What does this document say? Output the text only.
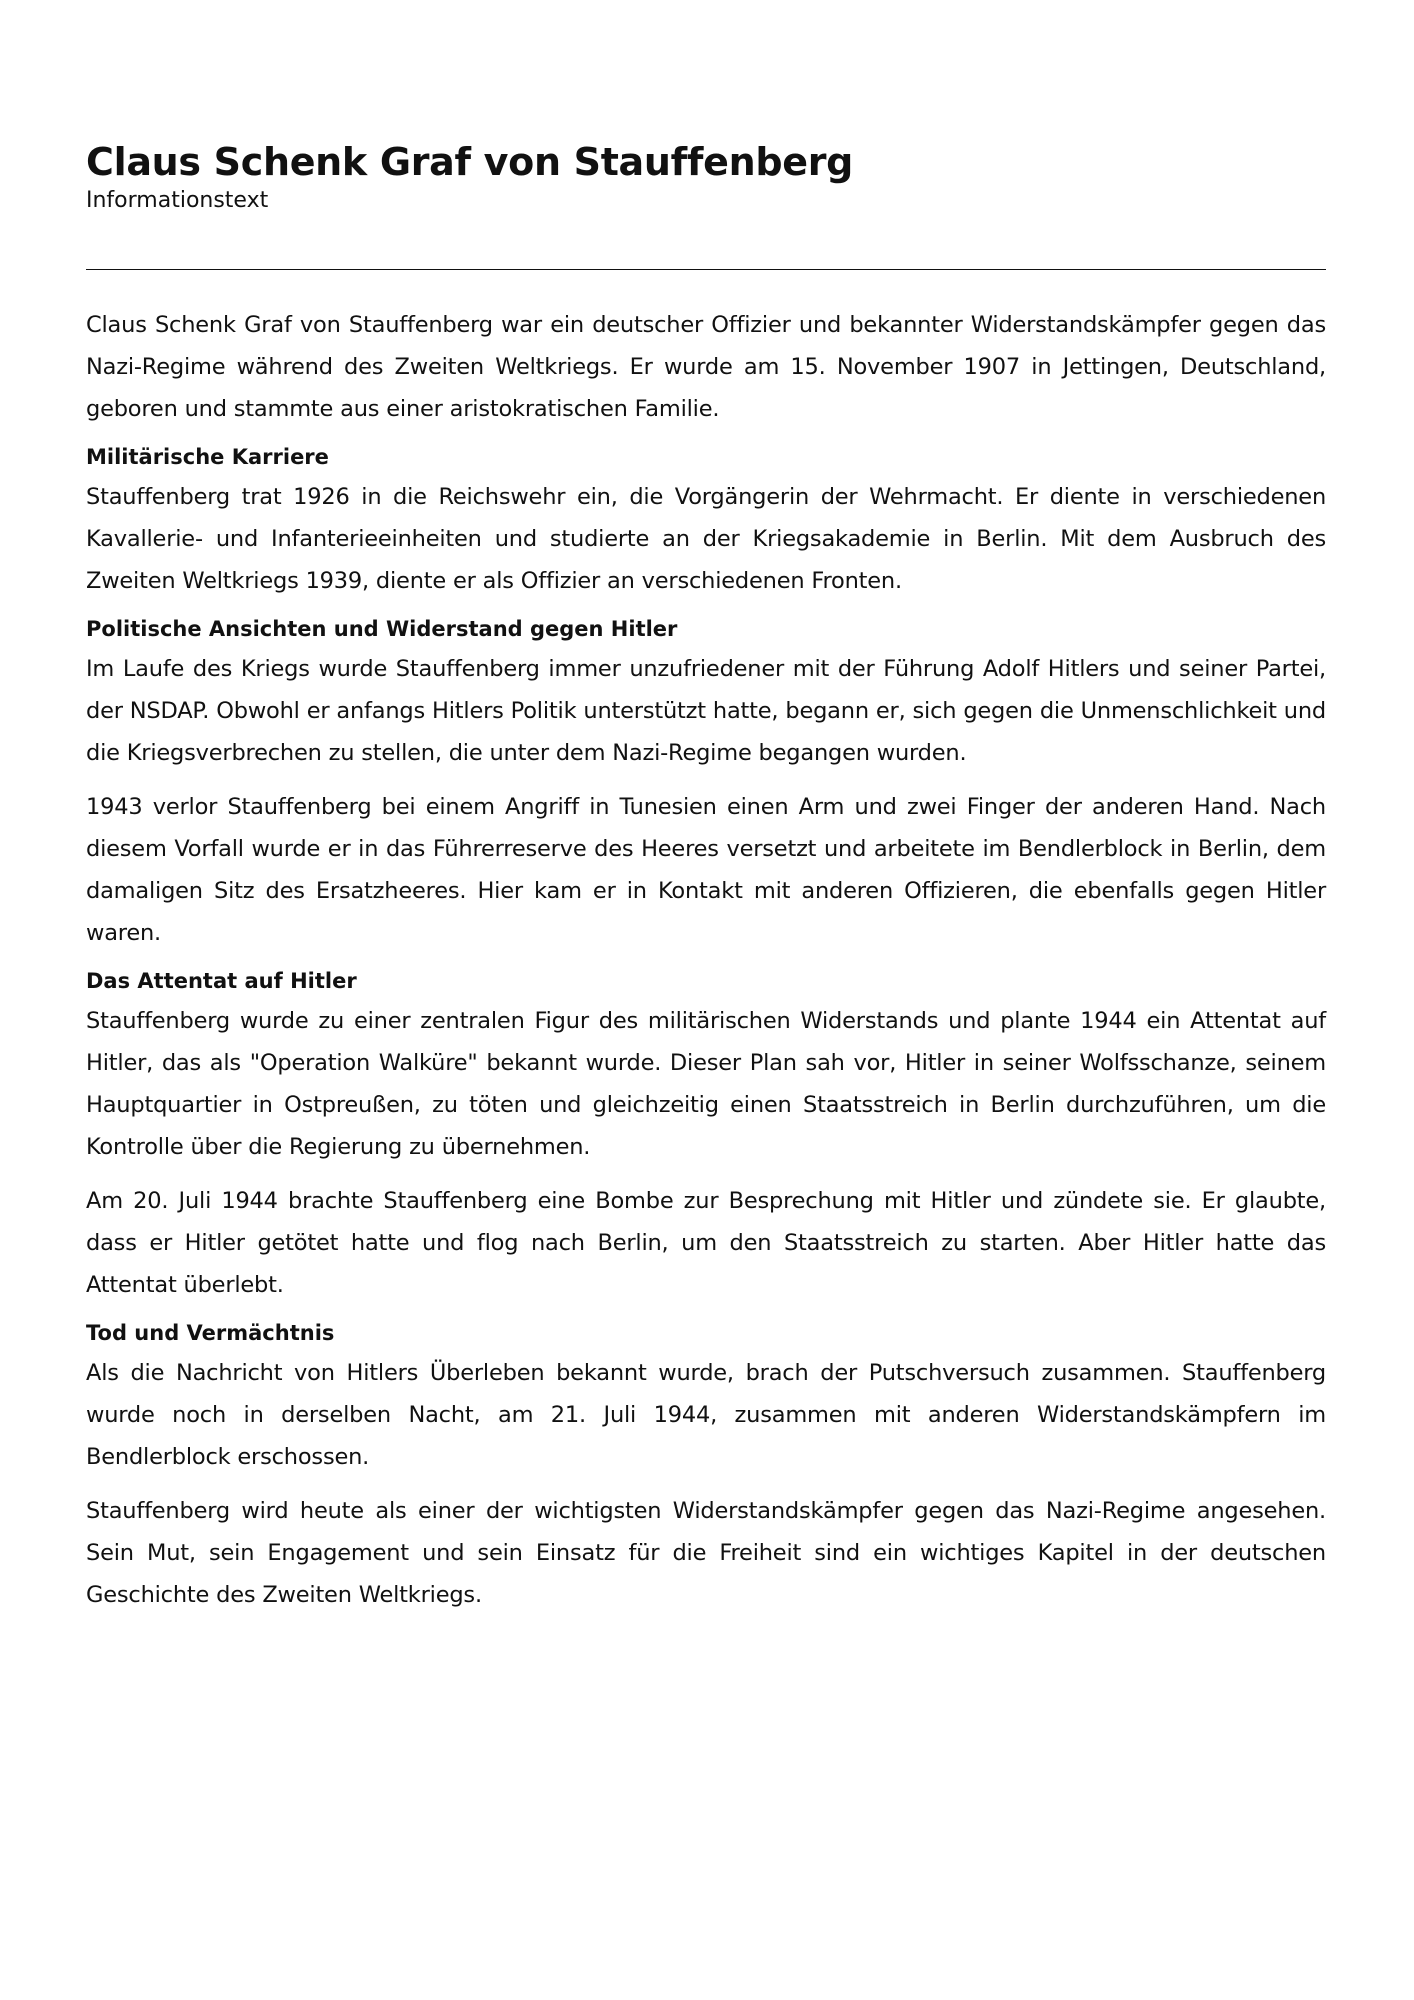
Claus Schenk Graf von Stauffenberg

Informationstext

Claus Schenk Graf von Stauffenberg war ein deutscher Offizier und bekannter Widerstandskämpfer gegen das Nazi-Regime während des Zweiten Weltkriegs. Er wurde am 15. November 1907 in Jettingen, Deutschland, geboren und stammte aus einer aristokratischen Familie.

Militärische Karriere

Stauffenberg trat 1926 in die Reichswehr ein, die Vorgängerin der Wehrmacht. Er diente in verschiedenen Kavallerie- und Infanterieeinheiten und studierte an der Kriegsakademie in Berlin. Mit dem Ausbruch des Zweiten Weltkriegs 1939, diente er als Offizier an verschiedenen Fronten.

Politische Ansichten und Widerstand gegen Hitler

Im Laufe des Kriegs wurde Stauffenberg immer unzufriedener mit der Führung Adolf Hitlers und seiner Partei, der NSDAP. Obwohl er anfangs Hitlers Politik unterstützt hatte, begann er, sich gegen die Unmenschlichkeit und die Kriegsverbrechen zu stellen, die unter dem Nazi-Regime begangen wurden.

1943 verlor Stauffenberg bei einem Angriff in Tunesien einen Arm und zwei Finger der anderen Hand. Nach diesem Vorfall wurde er in das Führerreserve des Heeres versetzt und arbeitete im Bendlerblock in Berlin, dem damaligen Sitz des Ersatzheeres. Hier kam er in Kontakt mit anderen Offizieren, die ebenfalls gegen Hitler waren.

Das Attentat auf Hitler

Stauffenberg wurde zu einer zentralen Figur des militärischen Widerstands und plante 1944 ein Attentat auf Hitler, das als "Operation Walküre" bekannt wurde. Dieser Plan sah vor, Hitler in seiner Wolfsschanze, seinem Hauptquartier in Ostpreußen, zu töten und gleichzeitig einen Staatsstreich in Berlin durchzuführen, um die Kontrolle über die Regierung zu übernehmen.

Am 20. Juli 1944 brachte Stauffenberg eine Bombe zur Besprechung mit Hitler und zündete sie. Er glaubte, dass er Hitler getötet hatte und flog nach Berlin, um den Staatsstreich zu starten. Aber Hitler hatte das Attentat überlebt.

Tod und Vermächtnis

Als die Nachricht von Hitlers Überleben bekannt wurde, brach der Putschversuch zusammen. Stauffenberg wurde noch in derselben Nacht, am 21. Juli 1944, zusammen mit anderen Widerstandskämpfern im Bendlerblock erschossen.

Stauffenberg wird heute als einer der wichtigsten Widerstandskämpfer gegen das Nazi-Regime angesehen. Sein Mut, sein Engagement und sein Einsatz für die Freiheit sind ein wichtiges Kapitel in der deutschen Geschichte des Zweiten Weltkriegs.
